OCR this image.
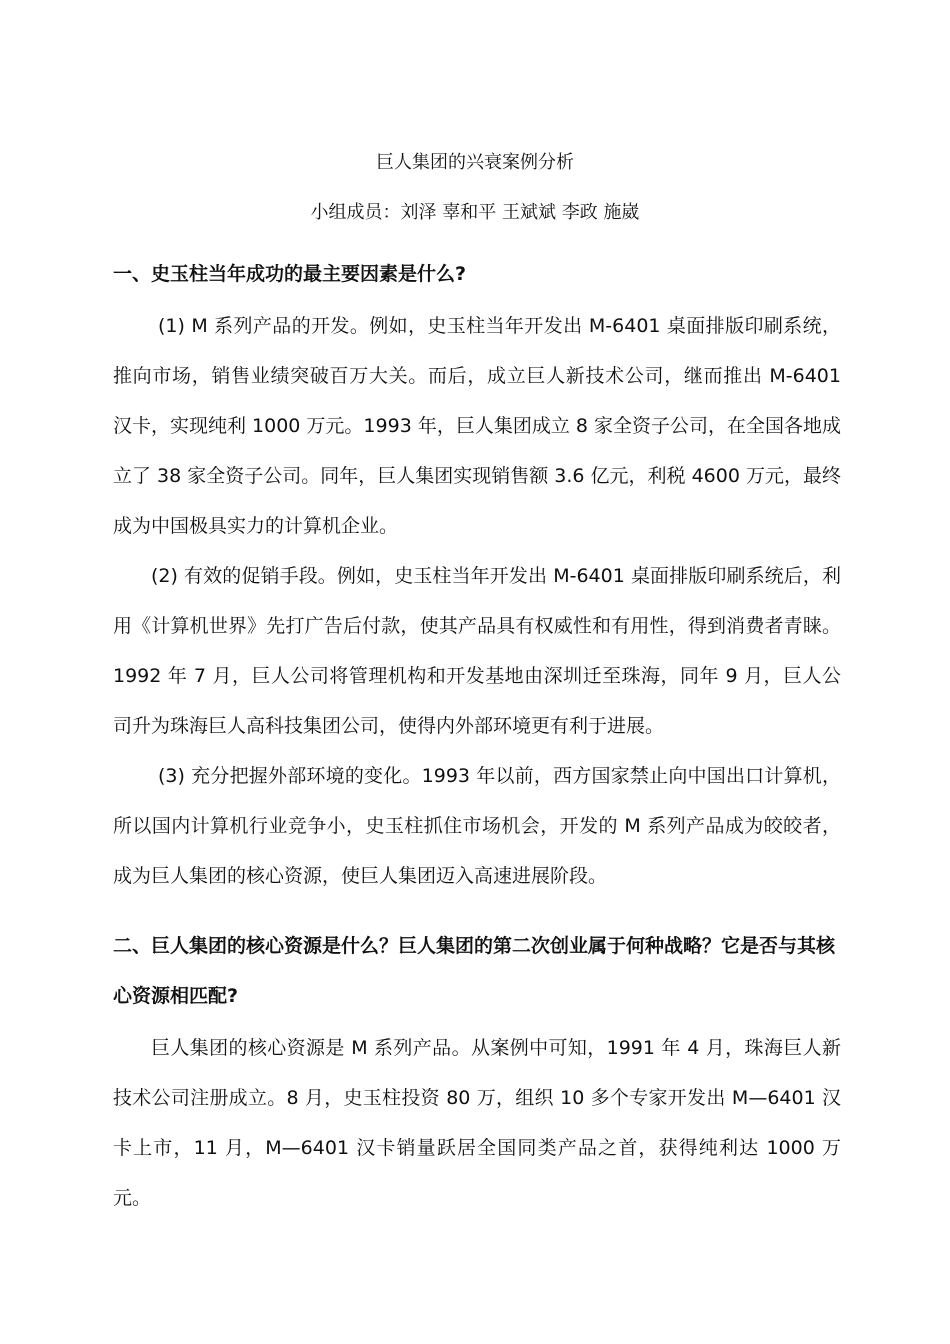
巨人集团的兴衰案例分析
小组成员：刘泽 辜和平 王斌斌 李政 施崴

一、史玉柱当年成功的最主要因素是什么?

(1) M 系列产品的开发。例如，史玉柱当年开发出 M-6401 桌面排版印刷系统，推向市场，销售业绩突破百万大关。而后，成立巨人新技术公司，继而推出 M-6401 汉卡，实现纯利 1000 万元。1993 年，巨人集团成立 8 家全资子公司，在全国各地成立了 38 家全资子公司。同年，巨人集团实现销售额 3.6 亿元，利税 4600 万元，最终成为中国极具实力的计算机企业。

(2) 有效的促销手段。例如，史玉柱当年开发出 M-6401 桌面排版印刷系统后，利用《计算机世界》先打广告后付款，使其产品具有权威性和有用性，得到消费者青睐。1992 年 7 月，巨人公司将管理机构和开发基地由深圳迁至珠海，同年 9 月，巨人公司升为珠海巨人高科技集团公司，使得内外部环境更有利于进展。

(3) 充分把握外部环境的变化。1993 年以前，西方国家禁止向中国出口计算机，所以国内计算机行业竞争小，史玉柱抓住市场机会，开发的 M 系列产品成为皎皎者，成为巨人集团的核心资源，使巨人集团迈入高速进展阶段。

二、巨人集团的核心资源是什么？巨人集团的第二次创业属于何种战略？它是否与其核心资源相匹配?

巨人集团的核心资源是 M 系列产品。从案例中可知，1991 年 4 月，珠海巨人新技术公司注册成立。8 月，史玉柱投资 80 万，组织 10 多个专家开发出 M—6401 汉卡上市，11 月，M—6401 汉卡销量跃居全国同类产品之首，获得纯利达 1000 万元。
